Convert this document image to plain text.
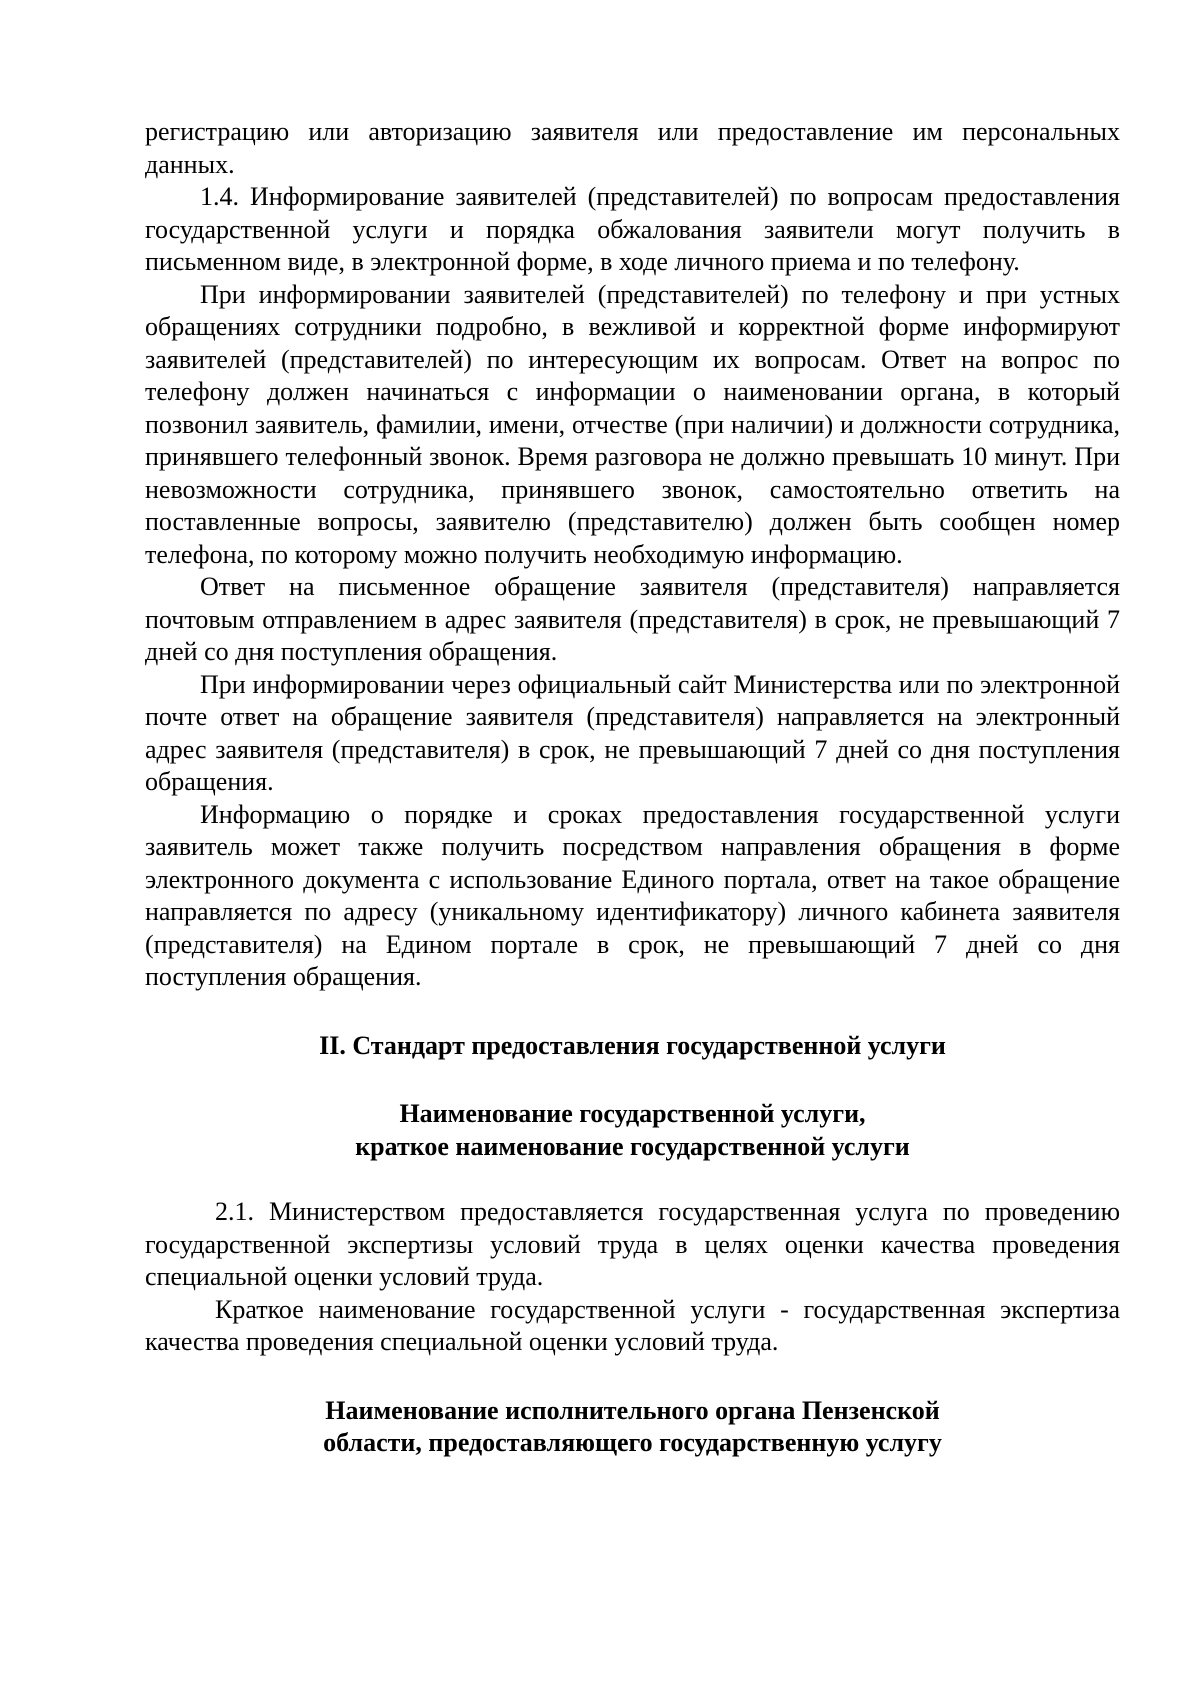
регистрацию или авторизацию заявителя или предоставление им персональных данных.

1.4. Информирование заявителей (представителей) по вопросам предоставления государственной услуги и порядка обжалования заявители могут получить в письменном виде, в электронной форме, в ходе личного приема и по телефону.

При информировании заявителей (представителей) по телефону и при устных обращениях сотрудники подробно, в вежливой и корректной форме информируют заявителей (представителей) по интересующим их вопросам. Ответ на вопрос по телефону должен начинаться с информации о наименовании органа, в который позвонил заявитель, фамилии, имени, отчестве (при наличии) и должности сотрудника, принявшего телефонный звонок. Время разговора не должно превышать 10 минут. При невозможности сотрудника, принявшего звонок, самостоятельно ответить на поставленные вопросы, заявителю (представителю) должен быть сообщен номер телефона, по которому можно получить необходимую информацию.

Ответ на письменное обращение заявителя (представителя) направляется почтовым отправлением в адрес заявителя (представителя) в срок, не превышающий 7 дней со дня поступления обращения.

При информировании через официальный сайт Министерства или по электронной почте ответ на обращение заявителя (представителя) направляется на электронный адрес заявителя (представителя) в срок, не превышающий 7 дней со дня поступления обращения.

Информацию о порядке и сроках предоставления государственной услуги заявитель может также получить посредством направления обращения в форме электронного документа с использование Единого портала, ответ на такое обращение направляется по адресу (уникальному идентификатору) личного кабинета заявителя (представителя) на Едином портале в срок, не превышающий 7 дней со дня поступления обращения.

II. Стандарт предоставления государственной услуги

Наименование государственной услуги,

краткое наименование государственной услуги

2.1. Министерством предоставляется государственная услуга по проведению государственной экспертизы условий труда в целях оценки качества проведения специальной оценки условий труда.

Краткое наименование государственной услуги - государственная экспертиза качества проведения специальной оценки условий труда.

Наименование исполнительного органа Пензенской

области, предоставляющего государственную услугу
